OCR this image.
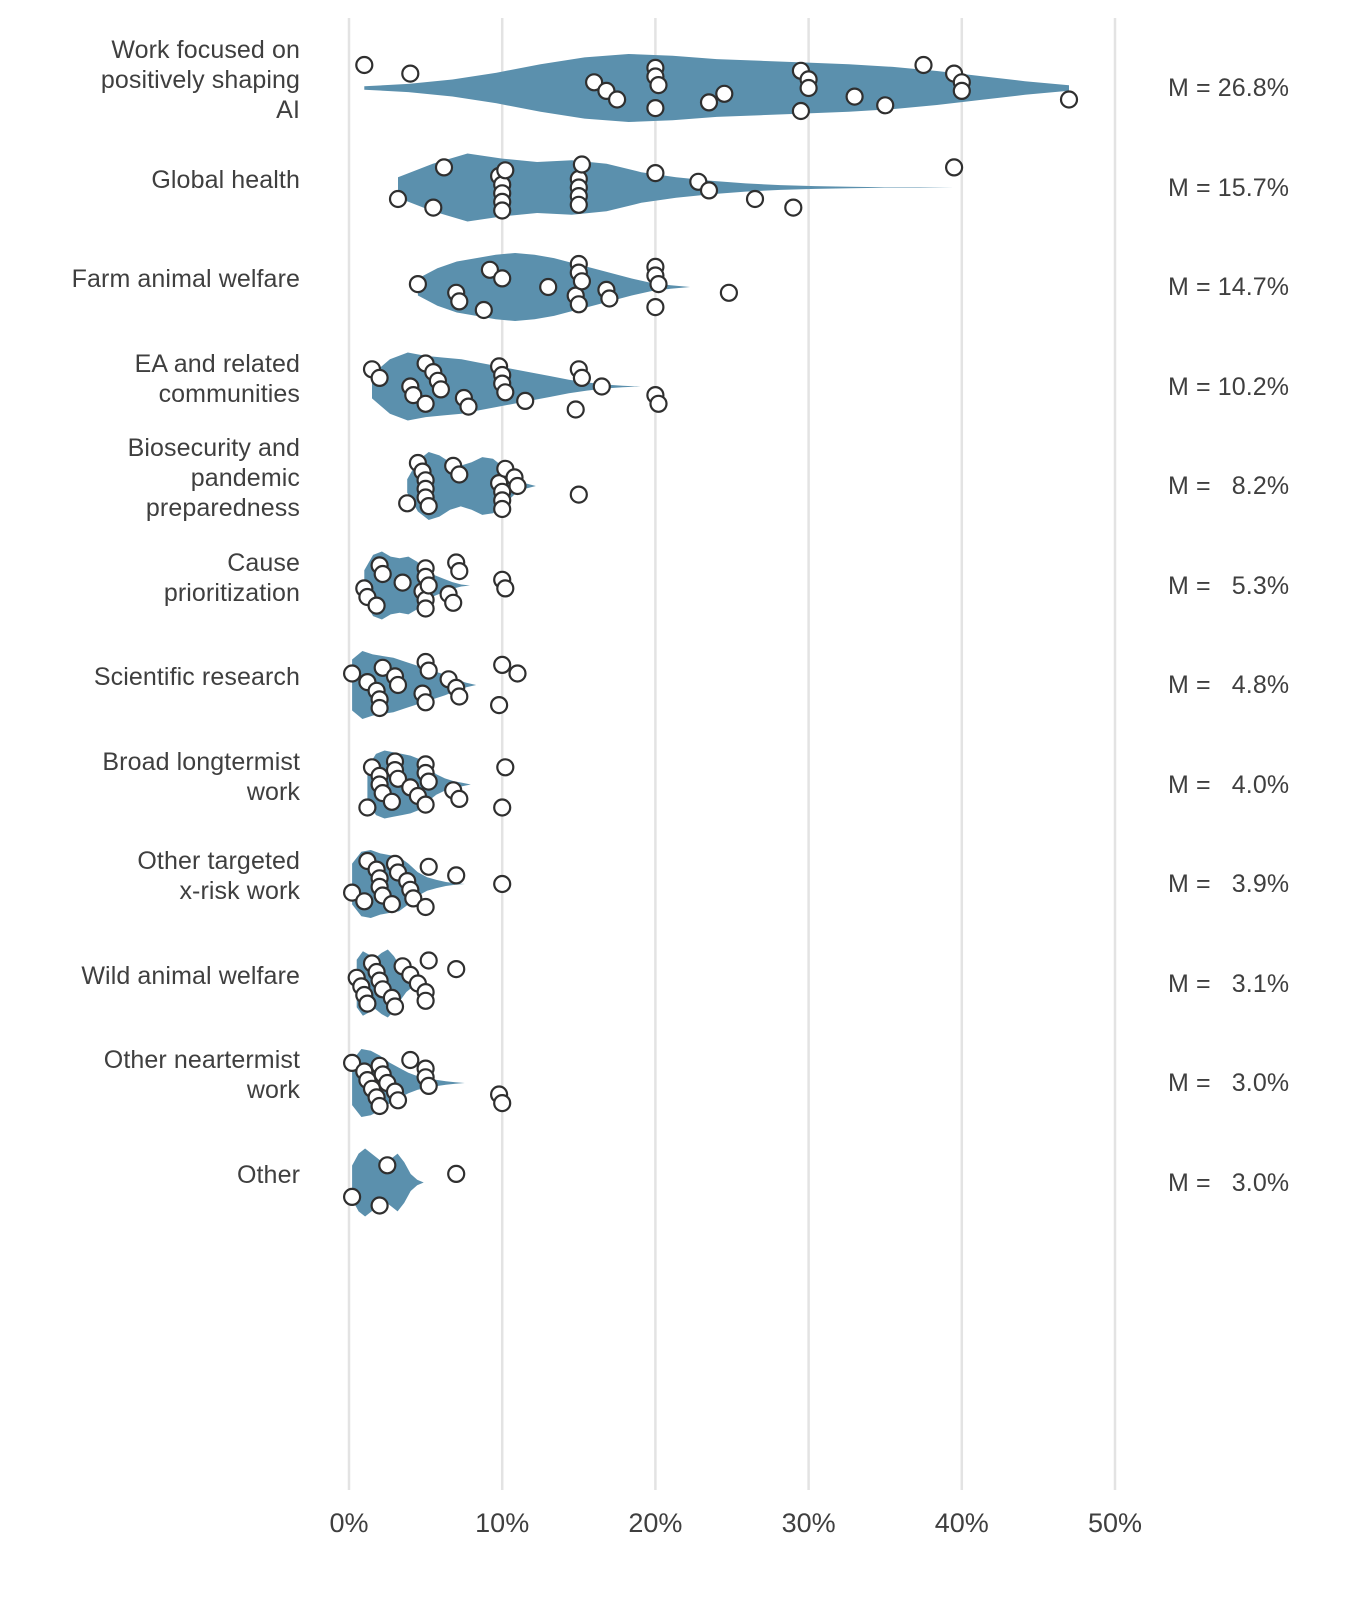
Work focused on
positively shaping
AI
Global health
Farm animal welfare
EA and related
communities
Biosecurity and
pandemic
preparedness
Cause
prioritization
Scientific research
Broad longtermist
work
Other targeted
x-risk work
Wild animal welfare
Other neartermist
work
Other
M = 26.8%
M = 15.7%
M = 14.7%
M = 10.2%
M =   8.2%
M =   5.3%
M =   4.8%
M =   4.0%
M =   3.9%
M =   3.1%
M =   3.0%
M =   3.0%
0%	10%	20%	30%	40%	50%
